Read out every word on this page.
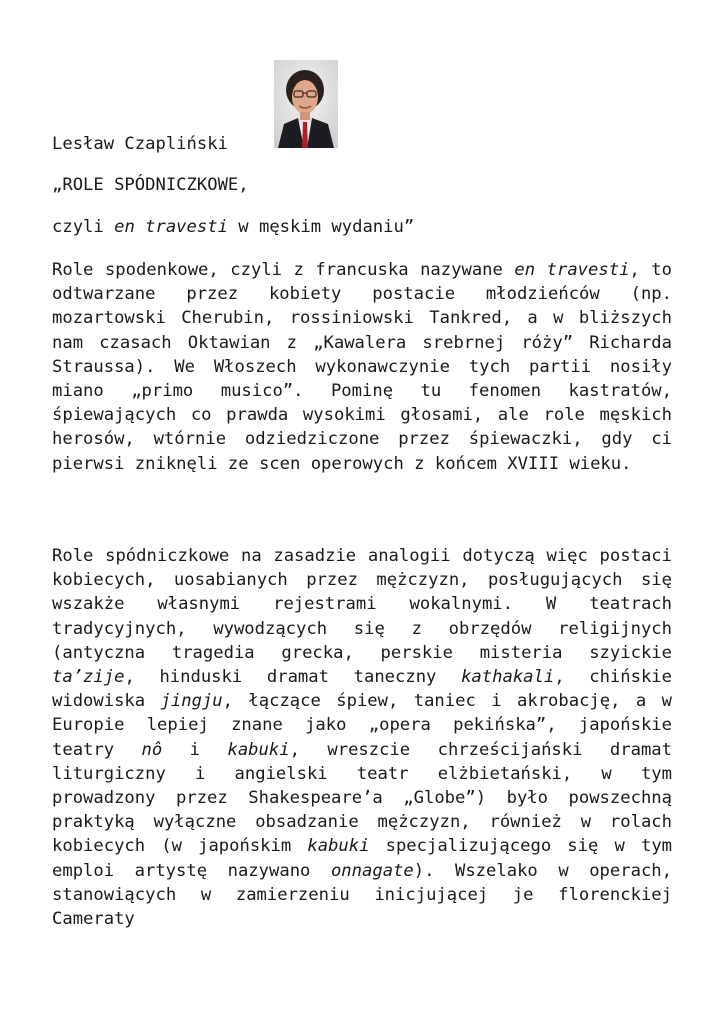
Lesław Czapliński

„ROLE SPÓDNICZKOWE,

czyli en travesti w męskim wydaniu”

Role spodenkowe, czyli z francuska nazywane en travesti, to odtwarzane przez kobiety postacie młodzieńców (np. mozartowski Cherubin, rossiniowski Tankred, a w bliższych nam czasach Oktawian z „Kawalera srebrnej róży” Richarda Straussa). We Włoszech wykonawczynie tych partii nosiły miano „primo musico”. Pominę tu fenomen kastratów, śpiewających co prawda wysokimi głosami, ale role męskich herosów, wtórnie odziedziczone przez śpiewaczki, gdy ci pierwsi zniknęli ze scen operowych z końcem XVIII wieku.

Role spódniczkowe na zasadzie analogii dotyczą więc postaci kobiecych, uosabianych przez mężczyzn, posługujących się wszakże własnymi rejestrami wokalnymi. W teatrach tradycyjnych, wywodzących się z obrzędów religijnych (antyczna tragedia grecka, perskie misteria szyickie ta’zije, hinduski dramat taneczny kathakali, chińskie widowiska jingju, łączące śpiew, taniec i akrobację, a w Europie lepiej znane jako „opera pekińska”, japońskie teatry nô i kabuki, wreszcie chrześcijański dramat liturgiczny i angielski teatr elżbietański, w tym prowadzony przez Shakespeare’a „Globe”) było powszechną praktyką wyłączne obsadzanie mężczyzn, również w rolach kobiecych (w japońskim kabuki specjalizującego się w tym emploi artystę nazywano onnagate). Wszelako w operach, stanowiących w zamierzeniu inicjującej je florenckiej Cameraty
